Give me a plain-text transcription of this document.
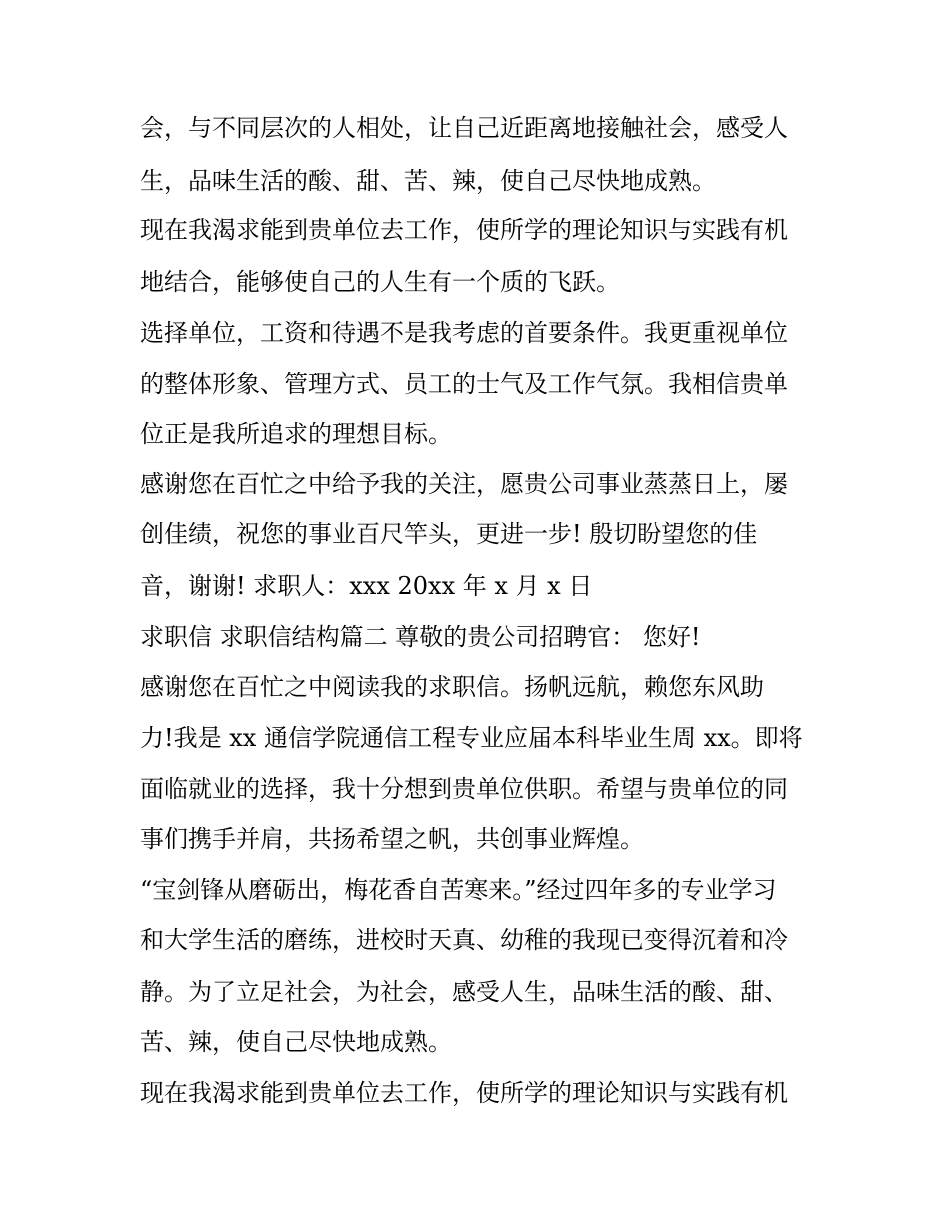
会，与不同层次的人相处，让自己近距离地接触社会，感受人
生，品味生活的酸、甜、苦、辣，使自己尽快地成熟。
现在我渴求能到贵单位去工作，使所学的理论知识与实践有机
地结合，能够使自己的人生有一个质的飞跃。
选择单位，工资和待遇不是我考虑的首要条件。我更重视单位
的整体形象、管理方式、员工的士气及工作气氛。我相信贵单
位正是我所追求的理想目标。
感谢您在百忙之中给予我的关注，愿贵公司事业蒸蒸日上，屡
创佳绩，祝您的事业百尺竿头，更进一步! 殷切盼望您的佳
音，谢谢! 求职人：xxx 20xx 年 x 月 x 日
求职信 求职信结构篇二 尊敬的贵公司招聘官： 您好!
感谢您在百忙之中阅读我的求职信。扬帆远航，赖您东风助
力!我是 xx 通信学院通信工程专业应届本科毕业生周 xx。即将
面临就业的选择，我十分想到贵单位供职。希望与贵单位的同
事们携手并肩，共扬希望之帆，共创事业辉煌。
“宝剑锋从磨砺出，梅花香自苦寒来。”经过四年多的专业学习
和大学生活的磨练，进校时天真、幼稚的我现已变得沉着和冷
静。为了立足社会，为社会，感受人生，品味生活的酸、甜、
苦、辣，使自己尽快地成熟。
现在我渴求能到贵单位去工作，使所学的理论知识与实践有机
